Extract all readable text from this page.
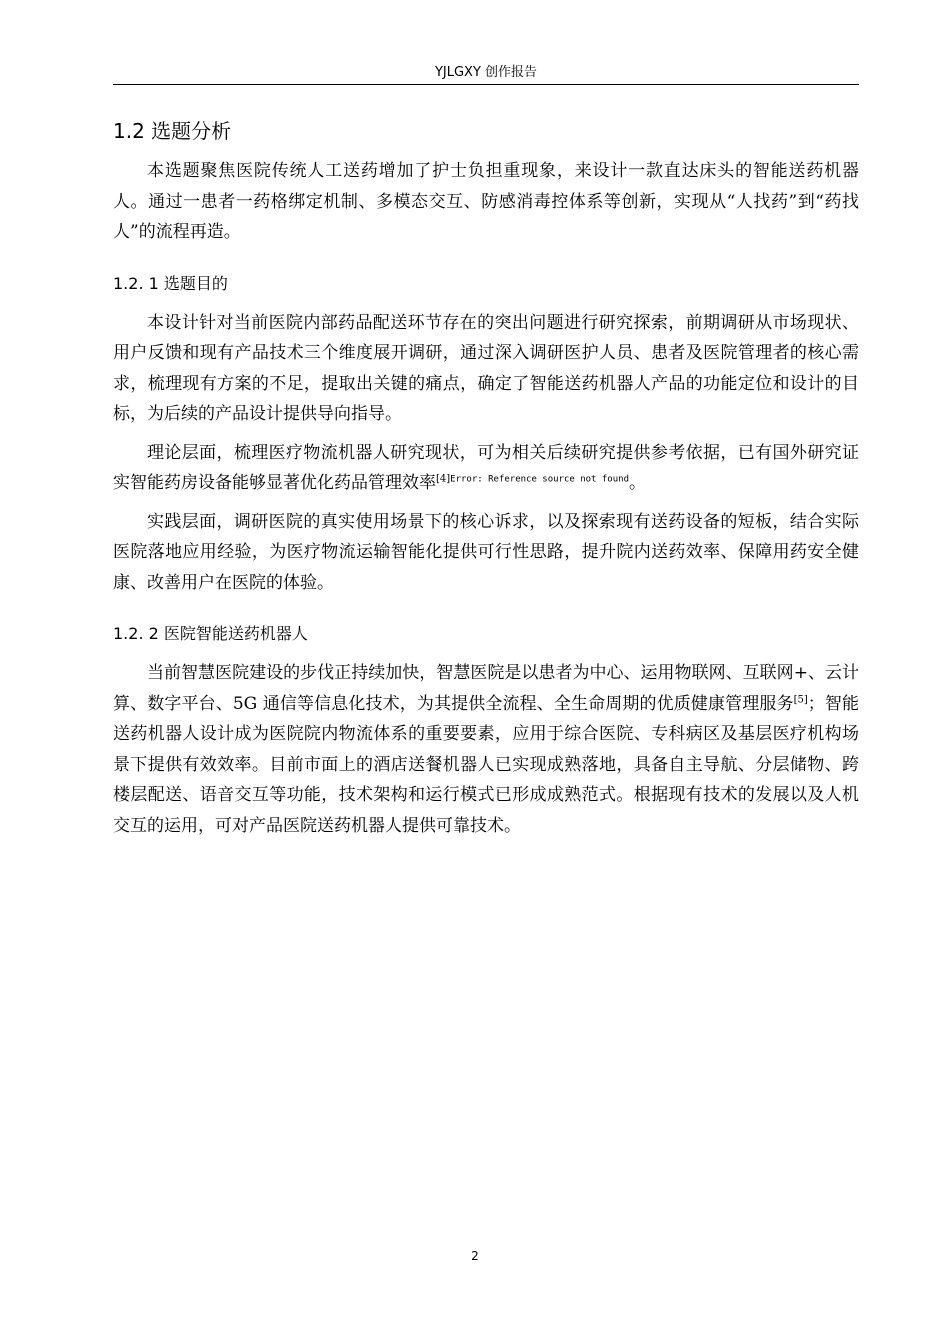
YJLGXY 创作报告
1.2 选题分析

本选题聚焦医院传统人工送药增加了护士负担重现象，来设计一款直达床头的智能送药机器人。通过一患者一药格绑定机制、多模态交互、防感消毒控体系等创新，实现从“人找药”到“药找人”的流程再造。

1.2. 1 选题目的

本设计针对当前医院内部药品配送环节存在的突出问题进行研究探索，前期调研从市场现状、用户反馈和现有产品技术三个维度展开调研，通过深入调研医护人员、患者及医院管理者的核心需求，梳理现有方案的不足，提取出关键的痛点，确定了智能送药机器人产品的功能定位和设计的目标，为后续的产品设计提供导向指导。

理论层面，梳理医疗物流机器人研究现状，可为相关后续研究提供参考依据，已有国外研究证实智能药房设备能够显著优化药品管理效率$^{[4]Error: Reference source not found}$。

实践层面，调研医院的真实使用场景下的核心诉求，以及探索现有送药设备的短板，结合实际医院落地应用经验，为医疗物流运输智能化提供可行性思路，提升院内送药效率、保障用药安全健康、改善用户在医院的体验。

1.2. 2 医院智能送药机器人

当前智慧医院建设的步伐正持续加快，智慧医院是以患者为中心、运用物联网、互联网+、云计算、数字平台、5G 通信等信息化技术，为其提供全流程、全生命周期的优质健康管理服务[5]；智能送药机器人设计成为医院院内物流体系的重要要素，应用于综合医院、专科病区及基层医疗机构场景下提供有效效率。目前市面上的酒店送餐机器人已实现成熟落地，具备自主导航、分层储物、跨楼层配送、语音交互等功能，技术架构和运行模式已形成成熟范式。根据现有技术的发展以及人机交互的运用，可对产品医院送药机器人提供可靠技术。

2
